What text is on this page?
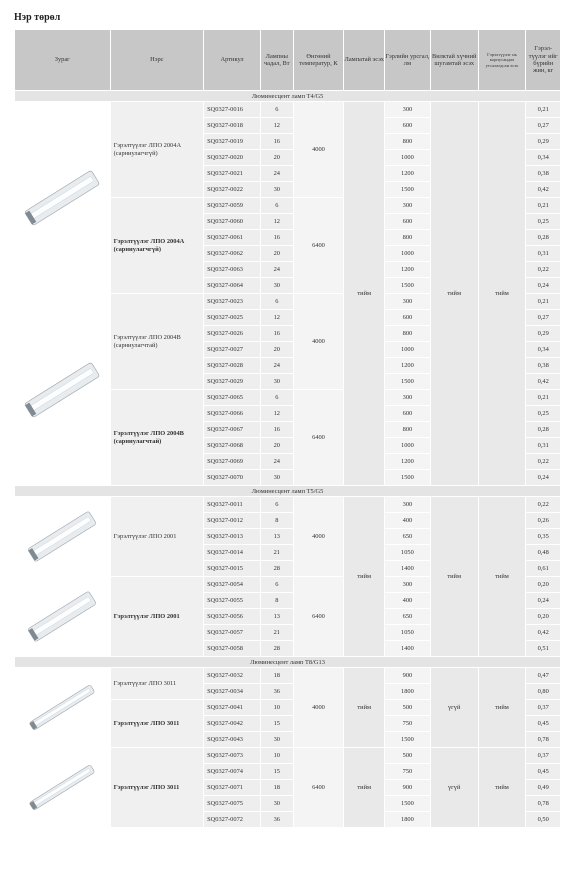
Нэр төрөл
Зураг	Нэрс	Артикул	Лампны чадал, Вт	Өнгөний температур, К	Лампатай эсэх	Гэрлийн урсгал, лм	Вилктай хүчний шугамтай эсэх	Гэрэлтүүлэг нь корпусандаа утсалагдсан эсэх	Гэрэл-түүлэг ийг бүрийн жин, кг
Люминесцент ламп T4/G5									

	Гэрэлтүүлэг ЛПО 2004А (сарниулагчгүй)	SQ0327-0016	6	4000	тийм	300	тийм	тийм	0,21
		SQ0327-0018	12			600			0,27
		SQ0327-0019	16			800			0,29
		SQ0327-0020	20			1000			0,34
		SQ0327-0021	24			1200			0,38
		SQ0327-0022	30			1500			0,42
	Гэрэлтүүлэг ЛПО 2004А (сарниулагчгүй)	SQ0327-0059	6	6400		300			0,21
		SQ0327-0060	12			600			0,25
		SQ0327-0061	16			800			0,28
		SQ0327-0062	20			1000			0,31
		SQ0327-0063	24			1200			0,22
		SQ0327-0064	30			1500			0,24

	Гэрэлтүүлэг ЛПО 2004В (сарниулагчтай)	SQ0327-0023	6	4000		300			0,21
		SQ0327-0025	12			600			0,27
		SQ0327-0026	16			800			0,29
		SQ0327-0027	20			1000			0,34
		SQ0327-0028	24			1200			0,38
		SQ0327-0029	30			1500			0,42
	Гэрэлтүүлэг ЛПО 2004В (сарниулагчтай)	SQ0327-0065	6	6400		300			0,21
		SQ0327-0066	12			600			0,25
		SQ0327-0067	16			800			0,28
		SQ0327-0068	20			1000			0,31
		SQ0327-0069	24			1200			0,22
		SQ0327-0070	30			1500			0,24
Люминесцент ламп T5/G5									

	Гэрэлтүүлэг ЛПО 2001	SQ0327-0011	6	4000	тийм	300	тийм	тийм	0,22
		SQ0327-0012	8			400			0,26
		SQ0327-0013	13			650			0,35
		SQ0327-0014	21			1050			0,48
		SQ0327-0015	28			1400			0,61

	Гэрэлтүүлэг ЛПО 2001	SQ0327-0054	6	6400		300			0,20
		SQ0327-0055	8			400			0,24
		SQ0327-0056	13			650			0,20
		SQ0327-0057	21			1050			0,42
		SQ0327-0058	28			1400			0,51
Люминесцент ламп T8/G13									

	Гэрэлтүүлэг ЛПО 3011	SQ0327-0032	18	4000	тийм	900	үгүй	тийм	0,47
		SQ0327-0034	36			1800			0,80
	Гэрэлтүүлэг ЛПО 3011	SQ0327-0041	10			500			0,37
		SQ0327-0042	15			750			0,45
		SQ0327-0043	30			1500			0,78

	Гэрэлтүүлэг ЛПО 3011	SQ0327-0073	10	6400	тийм	500	үгүй	тийм	0,37
		SQ0327-0074	15			750			0,45
		SQ0327-0071	18			900			0,49
		SQ0327-0075	30			1500			0,78
		SQ0327-0072	36			1800			0,50
